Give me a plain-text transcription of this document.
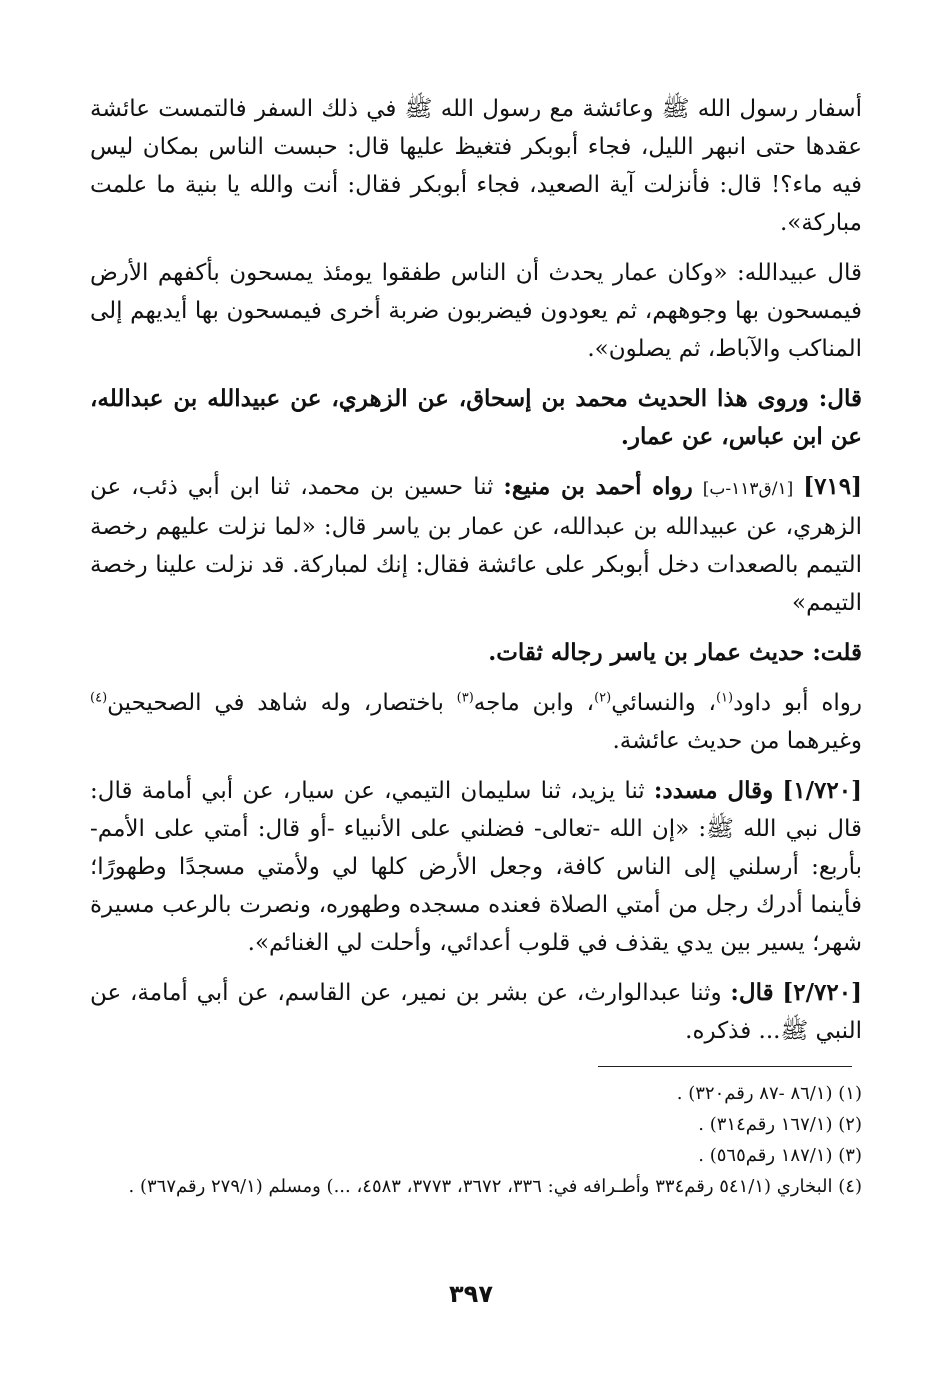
أسفار رسول الله ﷺ وعائشة مع رسول الله ﷺ في ذلك السفر فالتمست عائشة عقدها حتى انبهر الليل، فجاء أبوبكر فتغيظ عليها قال: حبست الناس بمكان ليس فيه ماء؟! قال: فأنزلت آية الصعيد، فجاء أبوبكر فقال: أنت والله يا بنية ما علمت مباركة».

قال عبيدالله: «وكان عمار يحدث أن الناس طفقوا يومئذ يمسحون بأكفهم الأرض فيمسحون بها وجوههم، ثم يعودون فيضربون ضربة أخرى فيمسحون بها أيديهم إلى المناكب والآباط، ثم يصلون».

قال: وروى هذا الحديث محمد بن إسحاق، عن الزهري، عن عبيدالله بن عبدالله، عن ابن عباس، عن عمار.

[٧١٩] [١/ق١١٣-ب] رواه أحمد بن منيع: ثنا حسين بن محمد، ثنا ابن أبي ذئب، عن الزهري، عن عبيدالله بن عبدالله، عن عمار بن ياسر قال: «لما نزلت عليهم رخصة التيمم بالصعدات دخل أبوبكر على عائشة فقال: إنك لمباركة. قد نزلت علينا رخصة التيمم»

قلت: حديث عمار بن ياسر رجاله ثقات.

رواه أبو داود$^{(١)}$، والنسائي$^{(٢)}$، وابن ماجه$^{(٣)}$ باختصار، وله شاهد في الصحيحين$^{(٤)}$ وغيرهما من حديث عائشة.

[١/٧٢٠] وقال مسدد: ثنا يزيد، ثنا سليمان التيمي، عن سيار، عن أبي أمامة قال: قال نبي الله ﷺ: «إن الله -تعالى- فضلني على الأنبياء -أو قال: أمتي على الأمم- بأربع: أرسلني إلى الناس كافة، وجعل الأرض كلها لي ولأمتي مسجدًا وطهورًا؛ فأينما أدرك رجل من أمتي الصلاة فعنده مسجده وطهوره، ونصرت بالرعب مسيرة شهر؛ يسير بين يدي يقذف في قلوب أعدائي، وأحلت لي الغنائم».

[٢/٧٢٠] قال: وثنا عبدالوارث، عن بشر بن نمير، عن القاسم، عن أبي أمامة، عن النبي ﷺ... فذكره.

(١) (٨٦/١ -٨٧ رقم٣٢٠) .

(٢) (١٦٧/١ رقم٣١٤) .

(٣) (١٨٧/١ رقم٥٦٥) .

(٤) البخاري (٥٤١/١ رقم٣٣٤ وأطـرافه في: ٣٣٦، ٣٦٧٢، ٣٧٧٣، ٤٥٨٣، ...) ومسلم (٢٧٩/١ رقم٣٦٧) .

٣٩٧
